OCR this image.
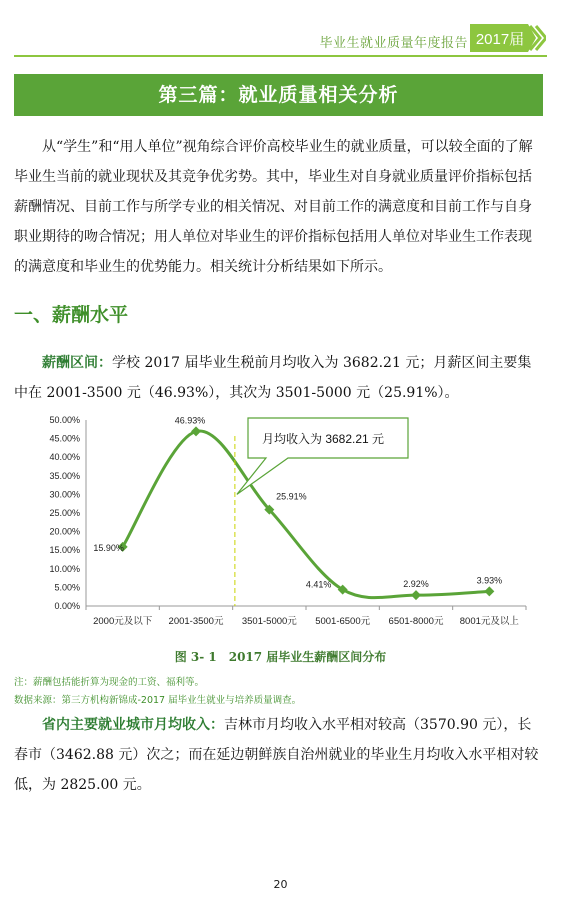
毕业生就业质量年度报告 2017届
第三篇：就业质量相关分析
从“学生”和“用人单位”视角综合评价高校毕业生的就业质量，可以较全面的了解毕业生当前的就业现状及其竞争优劣势。其中，毕业生对自身就业质量评价指标包括薪酬情况、目前工作与所学专业的相关情况、对目前工作的满意度和目前工作与自身职业期待的吻合情况；用人单位对毕业生的评价指标包括用人单位对毕业生工作表现的满意度和毕业生的优势能力。相关统计分析结果如下所示。
一、薪酬水平
薪酬区间：学校 2017 届毕业生税前月均收入为 3682.21 元；月薪区间主要集中在 2001-3500 元（46.93%），其次为 3501-5000 元（25.91%）。
0.00%
5.00%
10.00%
15.00%
20.00%
25.00%
30.00%
35.00%
40.00%
45.00%
50.00%
2000元及以下 2001-3500元 3501-5000元 5001-6500元 6501-8000元 8001元及以上
15.90%
46.93%
25.91%
4.41%	2.92%	3.93%
月均收入为 3682.21 元
图 3- 1　2017 届毕业生薪酬区间分布
注：薪酬包括能折算为现金的工资、福利等。
数据来源：第三方机构新锦成-2017 届毕业生就业与培养质量调查。
省内主要就业城市月均收入：吉林市月均收入水平相对较高（3570.90 元），长春市（3462.88 元）次之；而在延边朝鲜族自治州就业的毕业生月均收入水平相对较低，为 2825.00 元。
20
